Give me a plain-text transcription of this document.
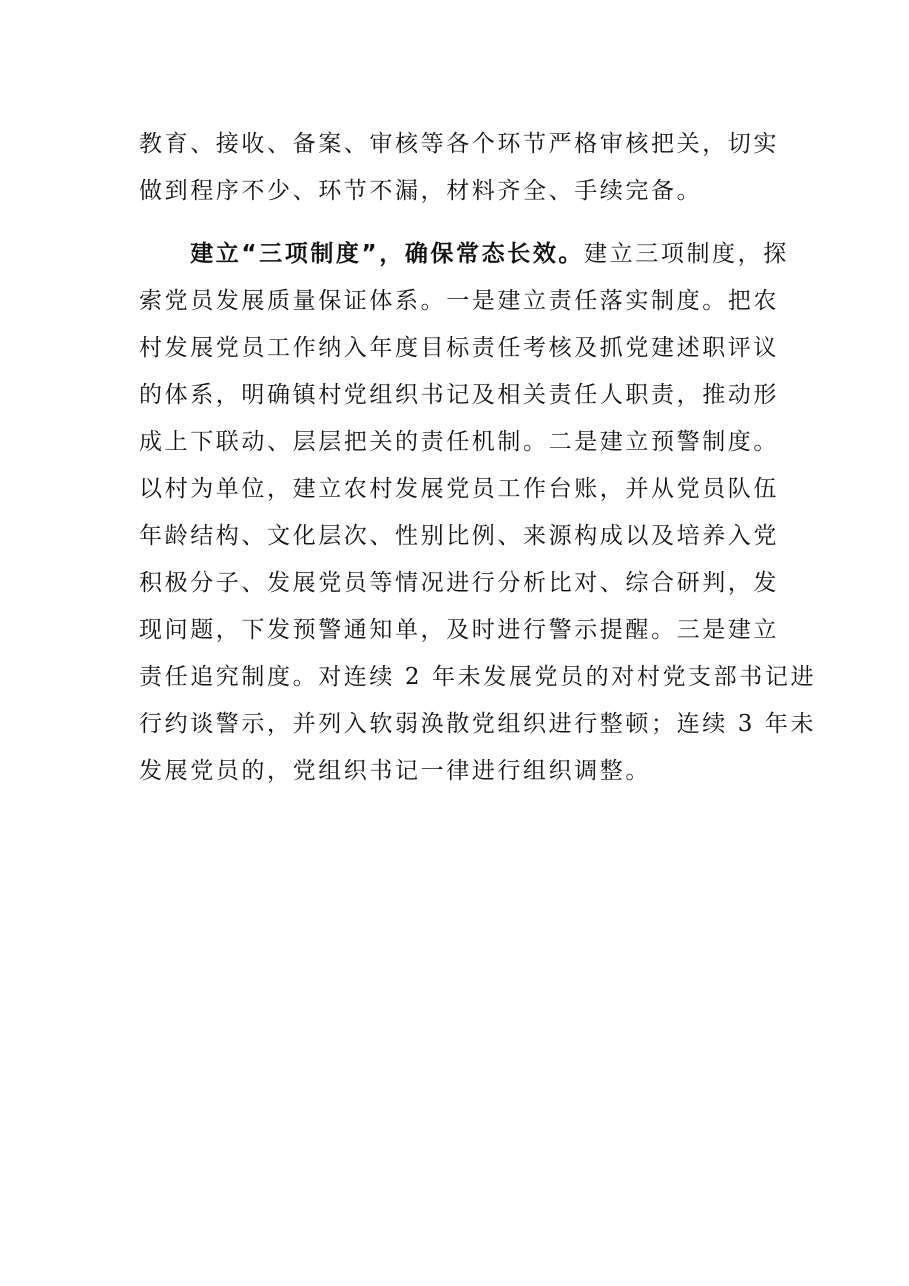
教育、接收、备案、审核等各个环节严格审核把关，切实
做到程序不少、环节不漏，材料齐全、手续完备。
　　建立“三项制度”，确保常态长效。建立三项制度，探
索党员发展质量保证体系。一是建立责任落实制度。把农
村发展党员工作纳入年度目标责任考核及抓党建述职评议
的体系，明确镇村党组织书记及相关责任人职责，推动形
成上下联动、层层把关的责任机制。二是建立预警制度。
以村为单位，建立农村发展党员工作台账，并从党员队伍
年龄结构、文化层次、性别比例、来源构成以及培养入党
积极分子、发展党员等情况进行分析比对、综合研判，发
现问题，下发预警通知单，及时进行警示提醒。三是建立
责任追究制度。对连续 2 年未发展党员的对村党支部书记进
行约谈警示，并列入软弱涣散党组织进行整顿；连续 3 年未
发展党员的，党组织书记一律进行组织调整。
